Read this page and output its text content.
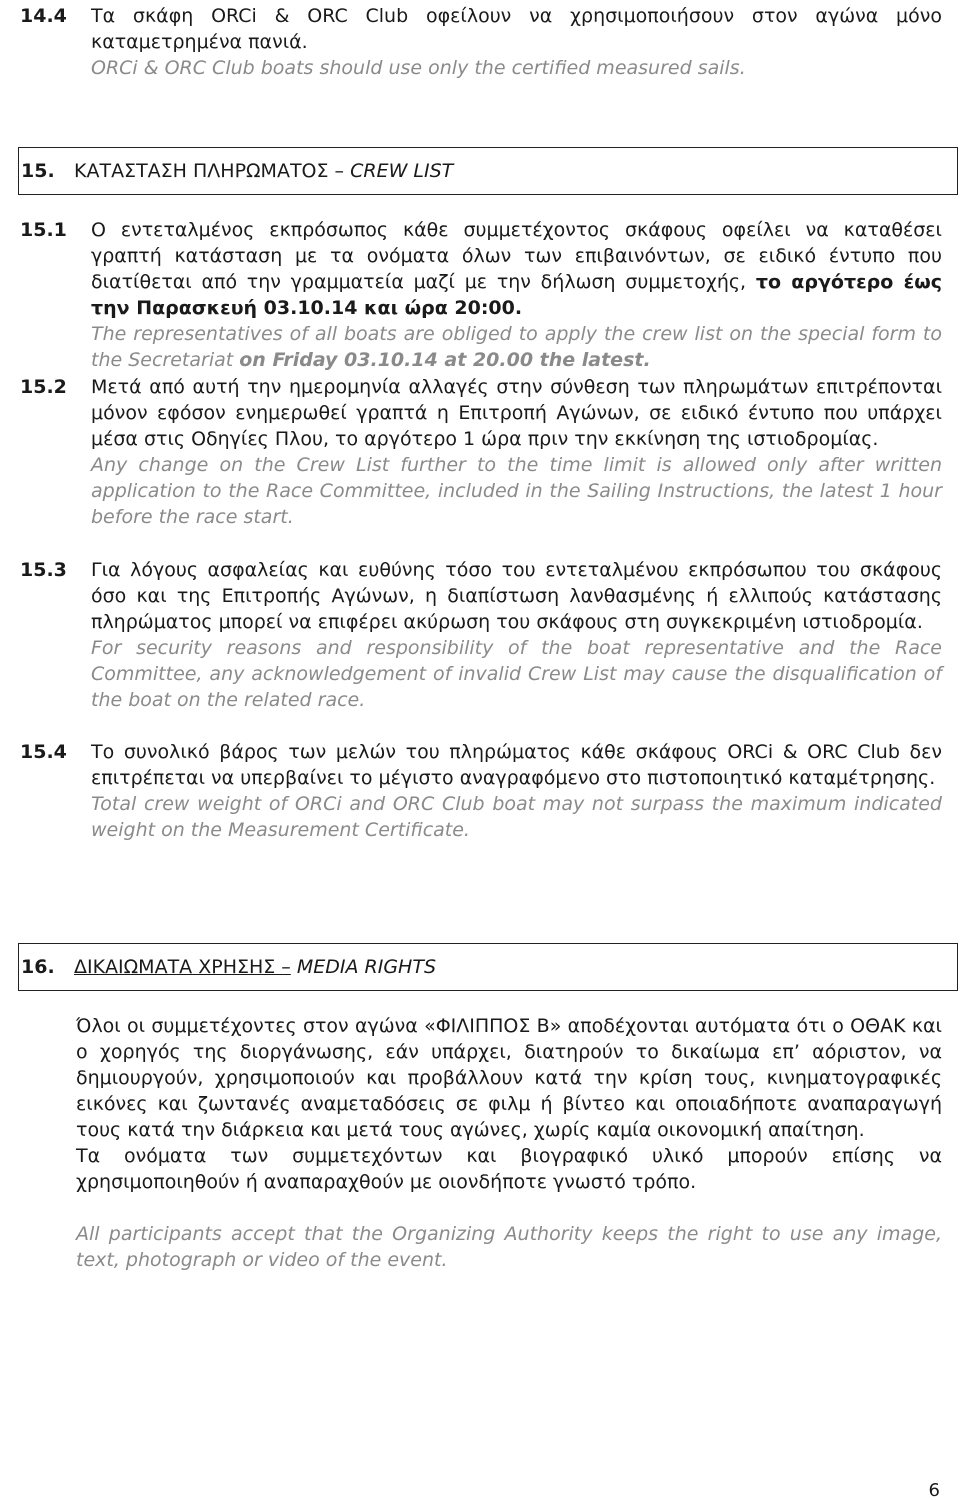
14.4 Τα σκάφη ORCi & ORC Club οφείλουν να χρησιμοποιήσουν στον αγώνα μόνο καταμετρημένα πανιά.

ORCi & ORC Club boats should use only the certified measured sails.

15. ΚΑΤΑΣΤΑΣΗ ΠΛΗΡΩΜΑΤΟΣ – CREW LIST
15.1 Ο εντεταλμένος εκπρόσωπος κάθε συμμετέχοντος σκάφους οφείλει να καταθέσει γραπτή κατάσταση με τα ονόματα όλων των επιβαινόντων, σε ειδικό έντυπο που διατίθεται από την γραμματεία μαζί με την δήλωση συμμετοχής, το αργότερο έως την Παρασκευή 03.10.14 και ώρα 20:00.

The representatives of all boats are obliged to apply the crew list on the special form to the Secretariat on Friday 03.10.14 at 20.00 the latest.

15.2 Μετά από αυτή την ημερομηνία αλλαγές στην σύνθεση των πληρωμάτων επιτρέπονται μόνον εφόσον ενημερωθεί γραπτά η Επιτροπή Αγώνων, σε ειδικό έντυπο που υπάρχει μέσα στις Οδηγίες Πλου, το αργότερο 1 ώρα πριν την εκκίνηση της ιστιοδρομίας.

Any change on the Crew List further to the time limit is allowed only after written application to the Race Committee, included in the Sailing Instructions, the latest 1 hour before the race start.

15.3 Για λόγους ασφαλείας και ευθύνης τόσο του εντεταλμένου εκπρόσωπου του σκάφους όσο και της Επιτροπής Αγώνων, η διαπίστωση λανθασμένης ή ελλιπούς κατάστασης πληρώματος μπορεί να επιφέρει ακύρωση του σκάφους στη συγκεκριμένη ιστιοδρομία.

For security reasons and responsibility of the boat representative and the Race Committee, any acknowledgement of invalid Crew List may cause the disqualification of the boat on the related race.

15.4 Το συνολικό βάρος των μελών του πληρώματος κάθε σκάφους ORCi & ORC Club δεν επιτρέπεται να υπερβαίνει το μέγιστο αναγραφόμενο στο πιστοποιητικό καταμέτρησης.

Total crew weight of ORCi and ORC Club boat may not surpass the maximum indicated weight on the Measurement Certificate.

16. ΔΙΚΑΙΩΜΑΤΑ ΧΡΗΣΗΣ – MEDIA RIGHTS

Όλοι οι συμμετέχοντες στον αγώνα «ΦΙΛΙΠΠΟΣ Β» αποδέχονται αυτόματα ότι ο ΟΘΑΚ και ο χορηγός της διοργάνωσης, εάν υπάρχει, διατηρούν το δικαίωμα επ’ αόριστον, να δημιουργούν, χρησιμοποιούν και προβάλλουν κατά την κρίση τους, κινηματογραφικές εικόνες και ζωντανές αναμεταδόσεις σε φιλμ ή βίντεο και οποιαδήποτε αναπαραγωγή τους κατά την διάρκεια και μετά τους αγώνες, χωρίς καμία οικονομική απαίτηση.

Τα ονόματα των συμμετεχόντων και βιογραφικό υλικό μπορούν επίσης να χρησιμοποιηθούν ή αναπαραχθούν με οιονδήποτε γνωστό τρόπο.

All participants accept that the Organizing Authority keeps the right to use any image, text, photograph or video of the event.

6
